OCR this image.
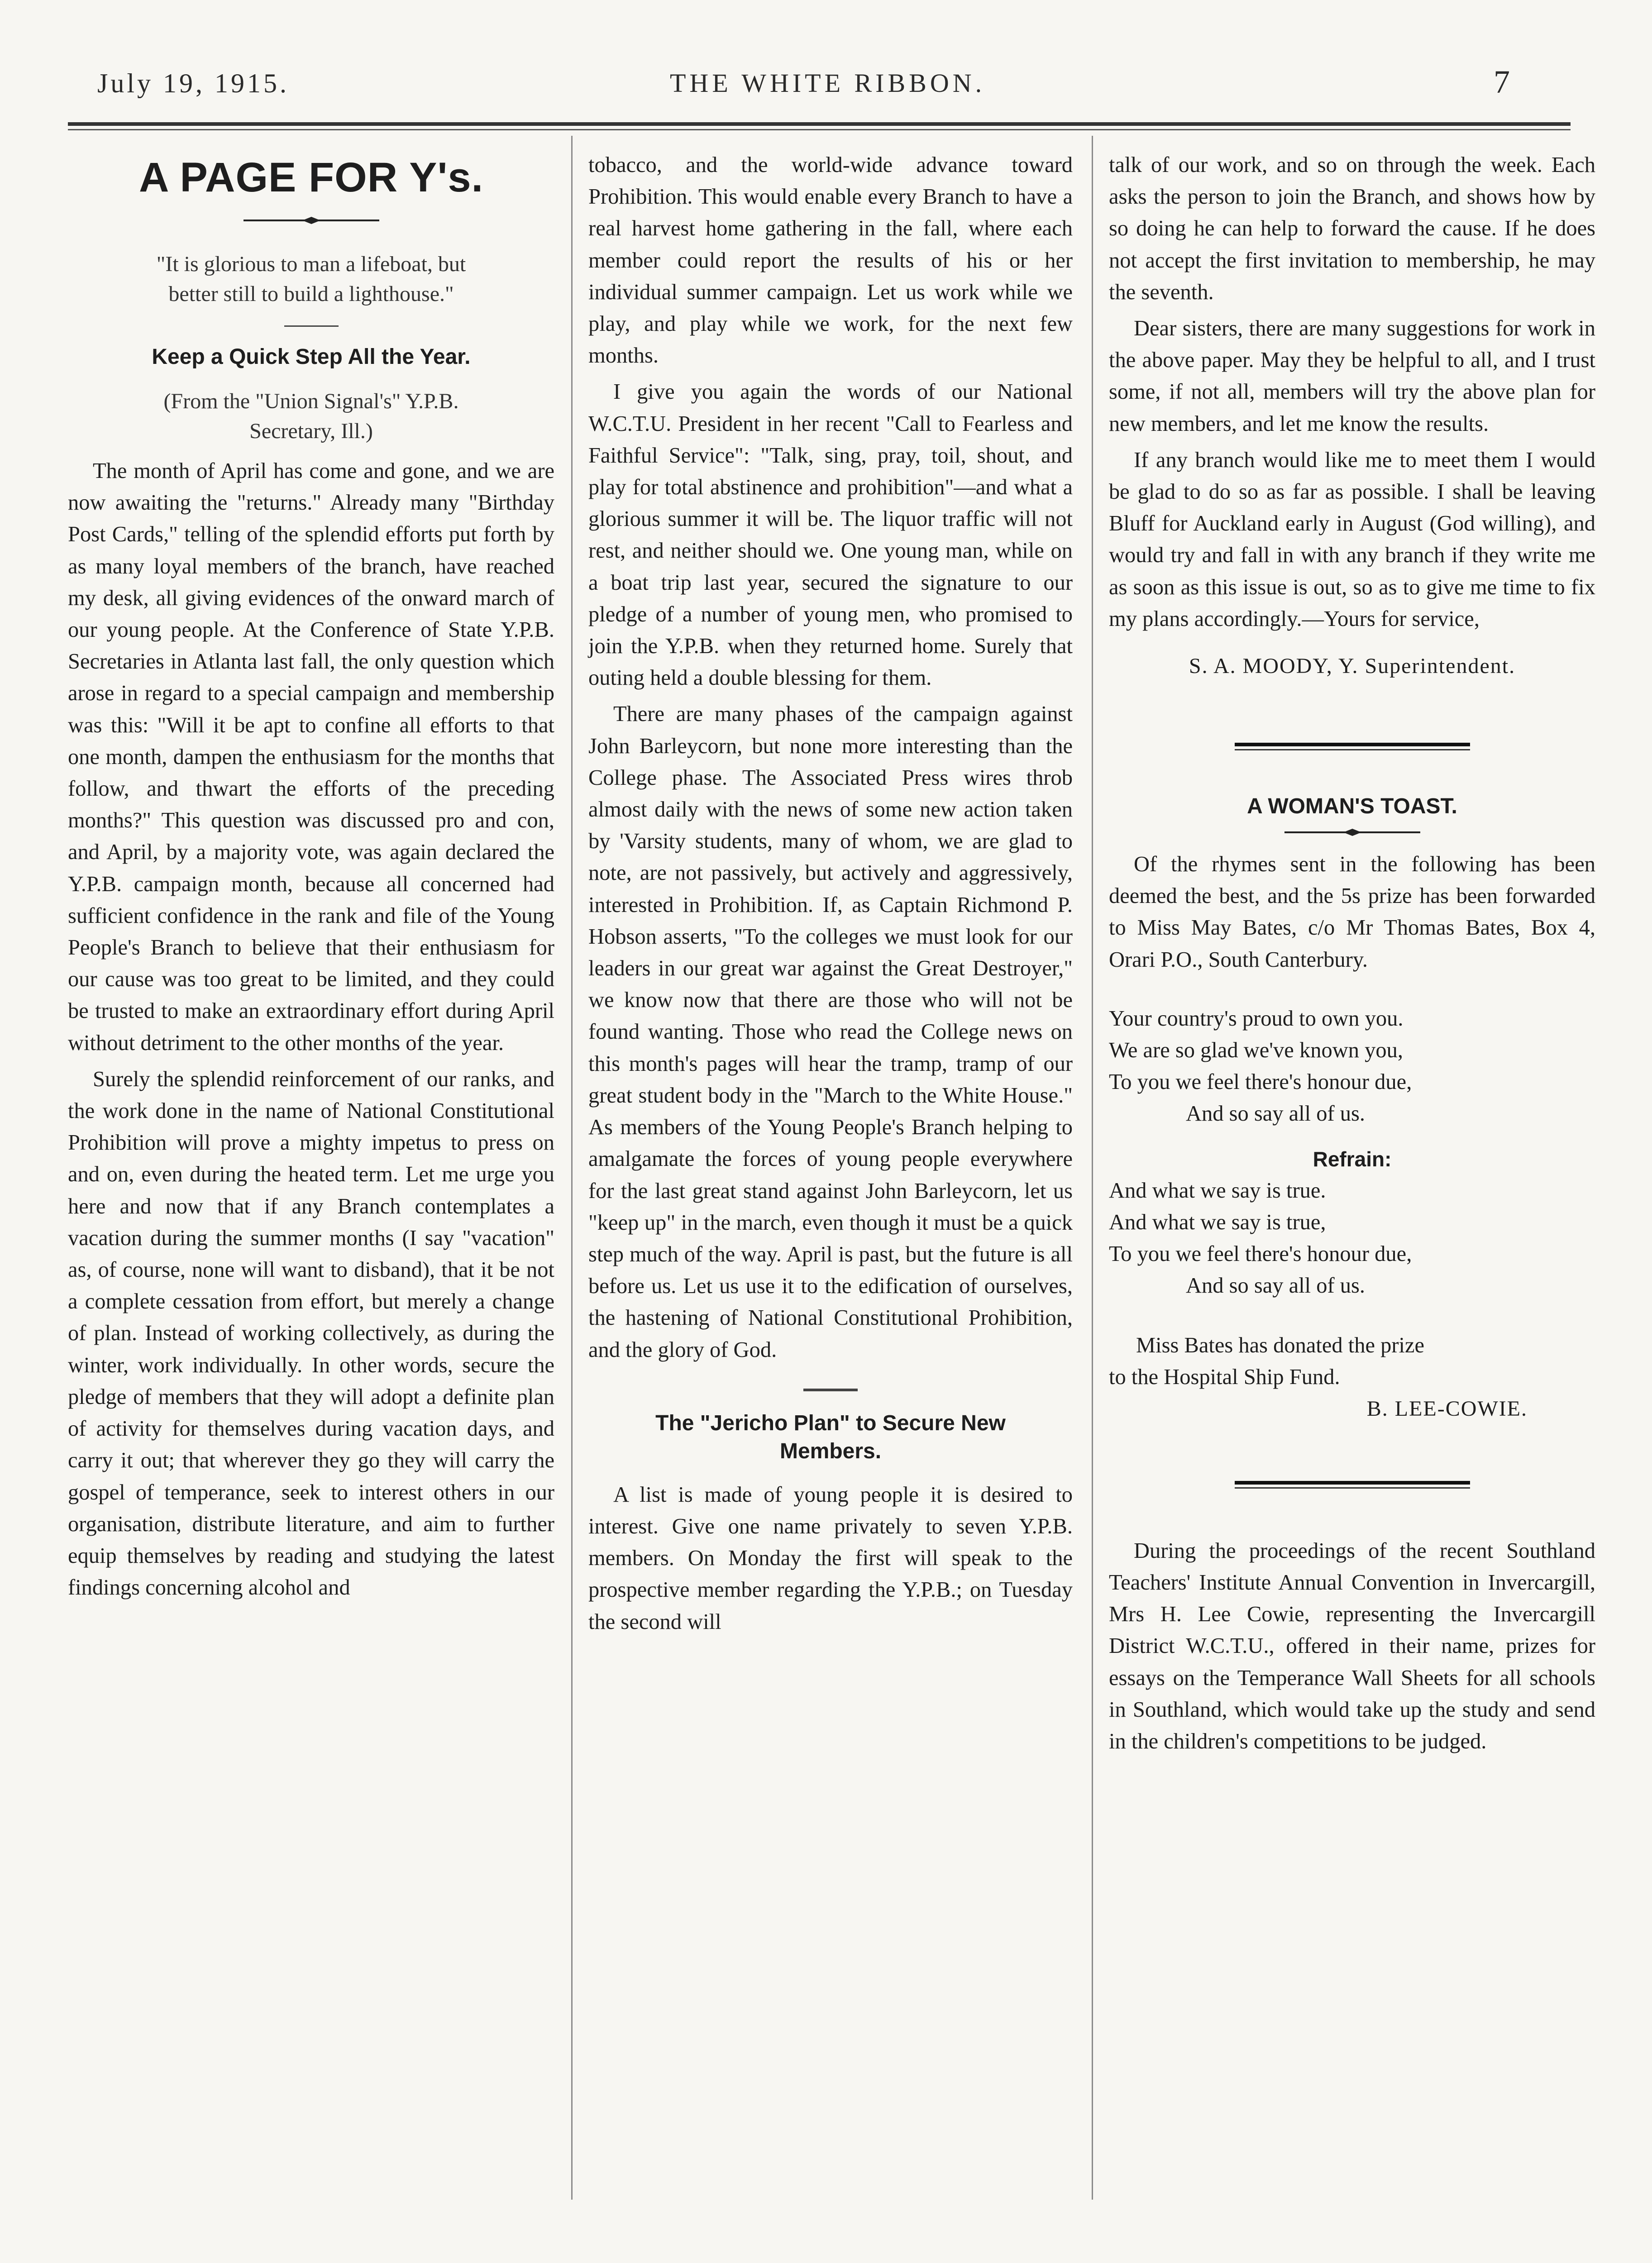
July 19, 1915.	THE WHITE RIBBON.	7
A PAGE FOR Y's.
"It is glorious to man a lifeboat, but
better still to build a lighthouse."
Keep a Quick Step All the Year.
(From the "Union Signal's" Y.P.B.
Secretary, Ill.)

The month of April has come and gone, and we are now awaiting the "returns." Already many "Birthday Post Cards," telling of the splendid efforts put forth by as many loyal members of the branch, have reached my desk, all giving evidences of the onward march of our young people. At the Conference of State Y.P.B. Secretaries in Atlanta last fall, the only question which arose in regard to a special campaign and membership was this: "Will it be apt to confine all efforts to that one month, dampen the enthusiasm for the months that follow, and thwart the efforts of the preceding months?" This question was discussed pro and con, and April, by a majority vote, was again declared the Y.P.B. campaign month, because all concerned had sufficient confidence in the rank and file of the Young People's Branch to believe that their enthusiasm for our cause was too great to be limited, and they could be trusted to make an extraordinary effort during April without detriment to the other months of the year.

Surely the splendid reinforcement of our ranks, and the work done in the name of National Constitutional Prohibition will prove a mighty impetus to press on and on, even during the heated term. Let me urge you here and now that if any Branch contemplates a vacation during the summer months (I say "vacation" as, of course, none will want to disband), that it be not a complete cessation from effort, but merely a change of plan. Instead of working collectively, as during the winter, work individually. In other words, secure the pledge of members that they will adopt a definite plan of activity for themselves during vacation days, and carry it out; that wherever they go they will carry the gospel of temperance, seek to interest others in our organisation, distribute literature, and aim to further equip themselves by reading and studying the latest findings concerning alcohol and

tobacco, and the world-wide advance toward Prohibition. This would enable every Branch to have a real harvest home gathering in the fall, where each member could report the results of his or her individual summer campaign. Let us work while we play, and play while we work, for the next few months.

I give you again the words of our National W.C.T.U. President in her recent "Call to Fearless and Faithful Service": "Talk, sing, pray, toil, shout, and play for total abstinence and prohibition"—and what a glorious summer it will be. The liquor traffic will not rest, and neither should we. One young man, while on a boat trip last year, secured the signature to our pledge of a number of young men, who promised to join the Y.P.B. when they returned home. Surely that outing held a double blessing for them.

There are many phases of the campaign against John Barleycorn, but none more interesting than the College phase. The Associated Press wires throb almost daily with the news of some new action taken by 'Varsity students, many of whom, we are glad to note, are not passively, but actively and aggressively, interested in Prohibition. If, as Captain Richmond P. Hobson asserts, "To the colleges we must look for our leaders in our great war against the Great Destroyer," we know now that there are those who will not be found wanting. Those who read the College news on this month's pages will hear the tramp, tramp of our great student body in the "March to the White House." As members of the Young People's Branch helping to amalgamate the forces of young people everywhere for the last great stand against John Barleycorn, let us "keep up" in the march, even though it must be a quick step much of the way. April is past, but the future is all before us. Let us use it to the edification of ourselves, the hastening of National Constitutional Prohibition, and the glory of God.

The "Jericho Plan" to Secure New
Members.

A list is made of young people it is desired to interest. Give one name privately to seven Y.P.B. members. On Monday the first will speak to the prospective member regarding the Y.P.B.; on Tuesday the second will

talk of our work, and so on through the week. Each asks the person to join the Branch, and shows how by so doing he can help to forward the cause. If he does not accept the first invitation to membership, he may the seventh.

Dear sisters, there are many suggestions for work in the above paper. May they be helpful to all, and I trust some, if not all, members will try the above plan for new members, and let me know the results.

If any branch would like me to meet them I would be glad to do so as far as possible. I shall be leaving Bluff for Auckland early in August (God willing), and would try and fall in with any branch if they write me as soon as this issue is out, so as to give me time to fix my plans accordingly.—Yours for service,

S. A. MOODY, Y. Superintendent.
A WOMAN'S TOAST.

Of the rhymes sent in the following has been deemed the best, and the 5s prize has been forwarded to Miss May Bates, c/o Mr Thomas Bates, Box 4, Orari P.O., South Canterbury.

Your country's proud to own you.
We are so glad we've known you,
To you we feel there's honour due,
And so say all of us.
Refrain:
And what we say is true.
And what we say is true,
To you we feel there's honour due,
And so say all of us.
Miss Bates has donated the prize
to the Hospital Ship Fund.
B. LEE-COWIE.

During the proceedings of the recent Southland Teachers' Institute Annual Convention in Invercargill, Mrs H. Lee Cowie, representing the Invercargill District W.C.T.U., offered in their name, prizes for essays on the Temperance Wall Sheets for all schools in Southland, which would take up the study and send in the children's competitions to be judged.
